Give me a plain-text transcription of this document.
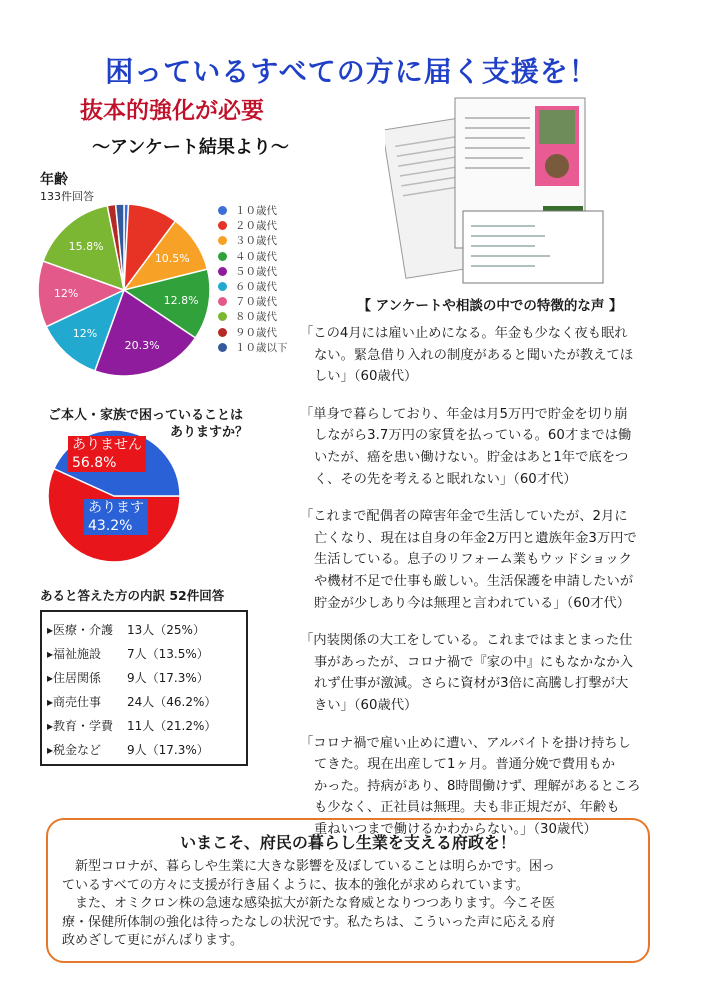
困っているすべての方に届く支援を！
抜本的強化が必要
～アンケート結果より～
年齢
133件回答
10.5%
12.8%
20.3%
12%
12%
15.8%
１０歳代
２０歳代
３０歳代
４０歳代
５０歳代
６０歳代
７０歳代
８０歳代
９０歳代
１０歳以下
ご本人・家族で困っていることは
ありますか？
ありません
56.8%
あります
43.2%
あると答えた方の内訳 52件回答
▸医療・介護 13人（25%）
▸福祉施設 7人（13.5%）
▸住居関係 9人（17.3%）
▸商売仕事 24人（46.2%）
▸教育・学費 11人（21.2%）
▸税金など 9人（17.3%）
【 アンケートや相談の中での特徴的な声 】
「この4月には雇い止めになる。年金も少なく夜も眠れ
ない。緊急借り入れの制度があると聞いたが教えてほ
しい」（60歳代）
「単身で暮らしており、年金は月5万円で貯金を切り崩
しながら3.7万円の家賃を払っている。60才までは働
いたが、癌を患い働けない。貯金はあと1年で底をつ
く、その先を考えると眠れない」（60才代）
「これまで配偶者の障害年金で生活していたが、2月に
亡くなり、現在は自身の年金2万円と遺族年金3万円で
生活している。息子のリフォーム業もウッドショック
や機材不足で仕事も厳しい。生活保護を申請したいが
貯金が少しあり今は無理と言われている」（60才代）
「内装関係の大工をしている。これまではまとまった仕
事があったが、コロナ禍で『家の中』にもなかなか入
れず仕事が激減。さらに資材が3倍に高騰し打撃が大
きい」（60歳代）
「コロナ禍で雇い止めに遭い、アルバイトを掛け持ちし
てきた。現在出産して1ヶ月。普通分娩で費用もか
かった。持病があり、8時間働けず、理解があるところ
も少なく、正社員は無理。夫も非正規だが、年齢も
重ねいつまで働けるかわからない。」（30歳代）
いまこそ、府民の暮らし生業を支える府政を！
　新型コロナが、暮らしや生業に大きな影響を及ぼしていることは明らかです。困っ
ているすべての方々に支援が行き届くように、抜本的強化が求められています。
　また、オミクロン株の急速な感染拡大が新たな脅威となりつつあります。今こそ医
療・保健所体制の強化は待ったなしの状況です。私たちは、こういった声に応える府
政めざして更にがんばります。
